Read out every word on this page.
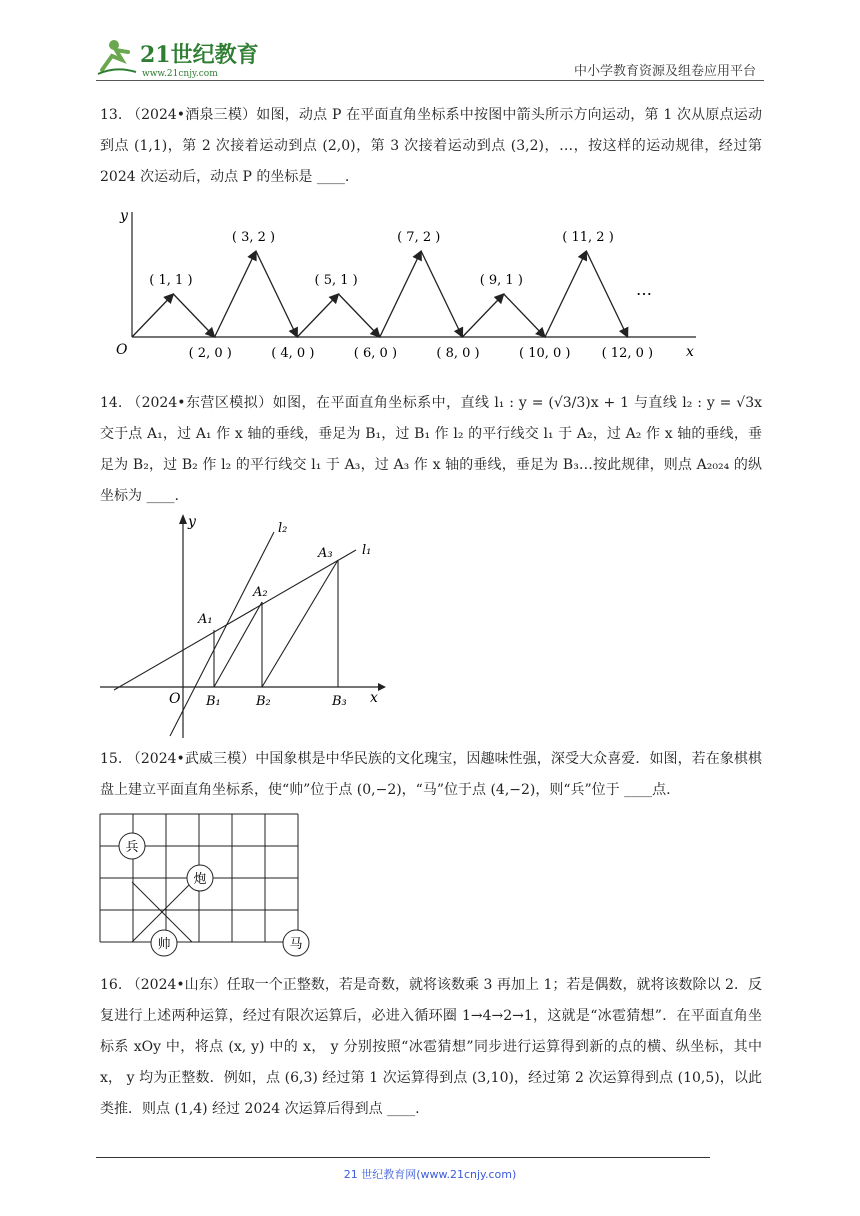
21世纪教育
www.21cnjy.com	中小学教育资源及组卷应用平台
13. （2024•酒泉三模）如图，动点 P 在平面直角坐标系中按图中箭头所示方向运动，第 1 次从原点运动到点 (1,1)，第 2 次接着运动到点 (2,0)，第 3 次接着运动到点 (3,2)，…，按这样的运动规律，经过第 2024 次运动后，动点 P 的坐标是 ____.
y
x
O
( 1, 1 )
( 3, 2 )
( 5, 1 )
( 7, 2 )
( 9, 1 )
( 11, 2 )
( 2, 0 )	( 4, 0 )	( 6, 0 )	( 8, 0 )	( 10, 0 ) ( 12, 0 )
…
14. （2024•东营区模拟）如图，在平面直角坐标系中，直线 l₁ : y = (√3/3)x + 1 与直线 l₂ : y = √3x 交于点 A₁，过 A₁ 作 x 轴的垂线，垂足为 B₁，过 B₁ 作 l₂ 的平行线交 l₁ 于 A₂，过 A₂ 作 x 轴的垂线，垂足为 B₂，过 B₂ 作 l₂ 的平行线交 l₁ 于 A₃，过 A₃ 作 x 轴的垂线，垂足为 B₃…按此规律，则点 A₂₀₂₄ 的纵坐标为 ____.
y
x
O
l₁
l₂
A₁
A₂
A₃
B₁	B₂	B₃
15. （2024•武威三模）中国象棋是中华民族的文化瑰宝，因趣味性强，深受大众喜爱．如图，若在象棋棋盘上建立平面直角坐标系，使“帅”位于点 (0,−2)，“马”位于点 (4,−2)，则“兵”位于 ____点.
兵
炮
帅	马
16. （2024•山东）任取一个正整数，若是奇数，就将该数乘 3 再加上 1；若是偶数，就将该数除以 2．反复进行上述两种运算，经过有限次运算后，必进入循环圈 1→4→2→1，这就是“冰雹猜想”．在平面直角坐标系 xOy 中，将点 (x, y) 中的 x， y 分别按照“冰雹猜想”同步进行运算得到新的点的横、纵坐标，其中 x， y 均为正整数．例如，点 (6,3) 经过第 1 次运算得到点 (3,10)，经过第 2 次运算得到点 (10,5)，以此类推．则点 (1,4) 经过 2024 次运算后得到点 ____.
21 世纪教育网(www.21cnjy.com)
